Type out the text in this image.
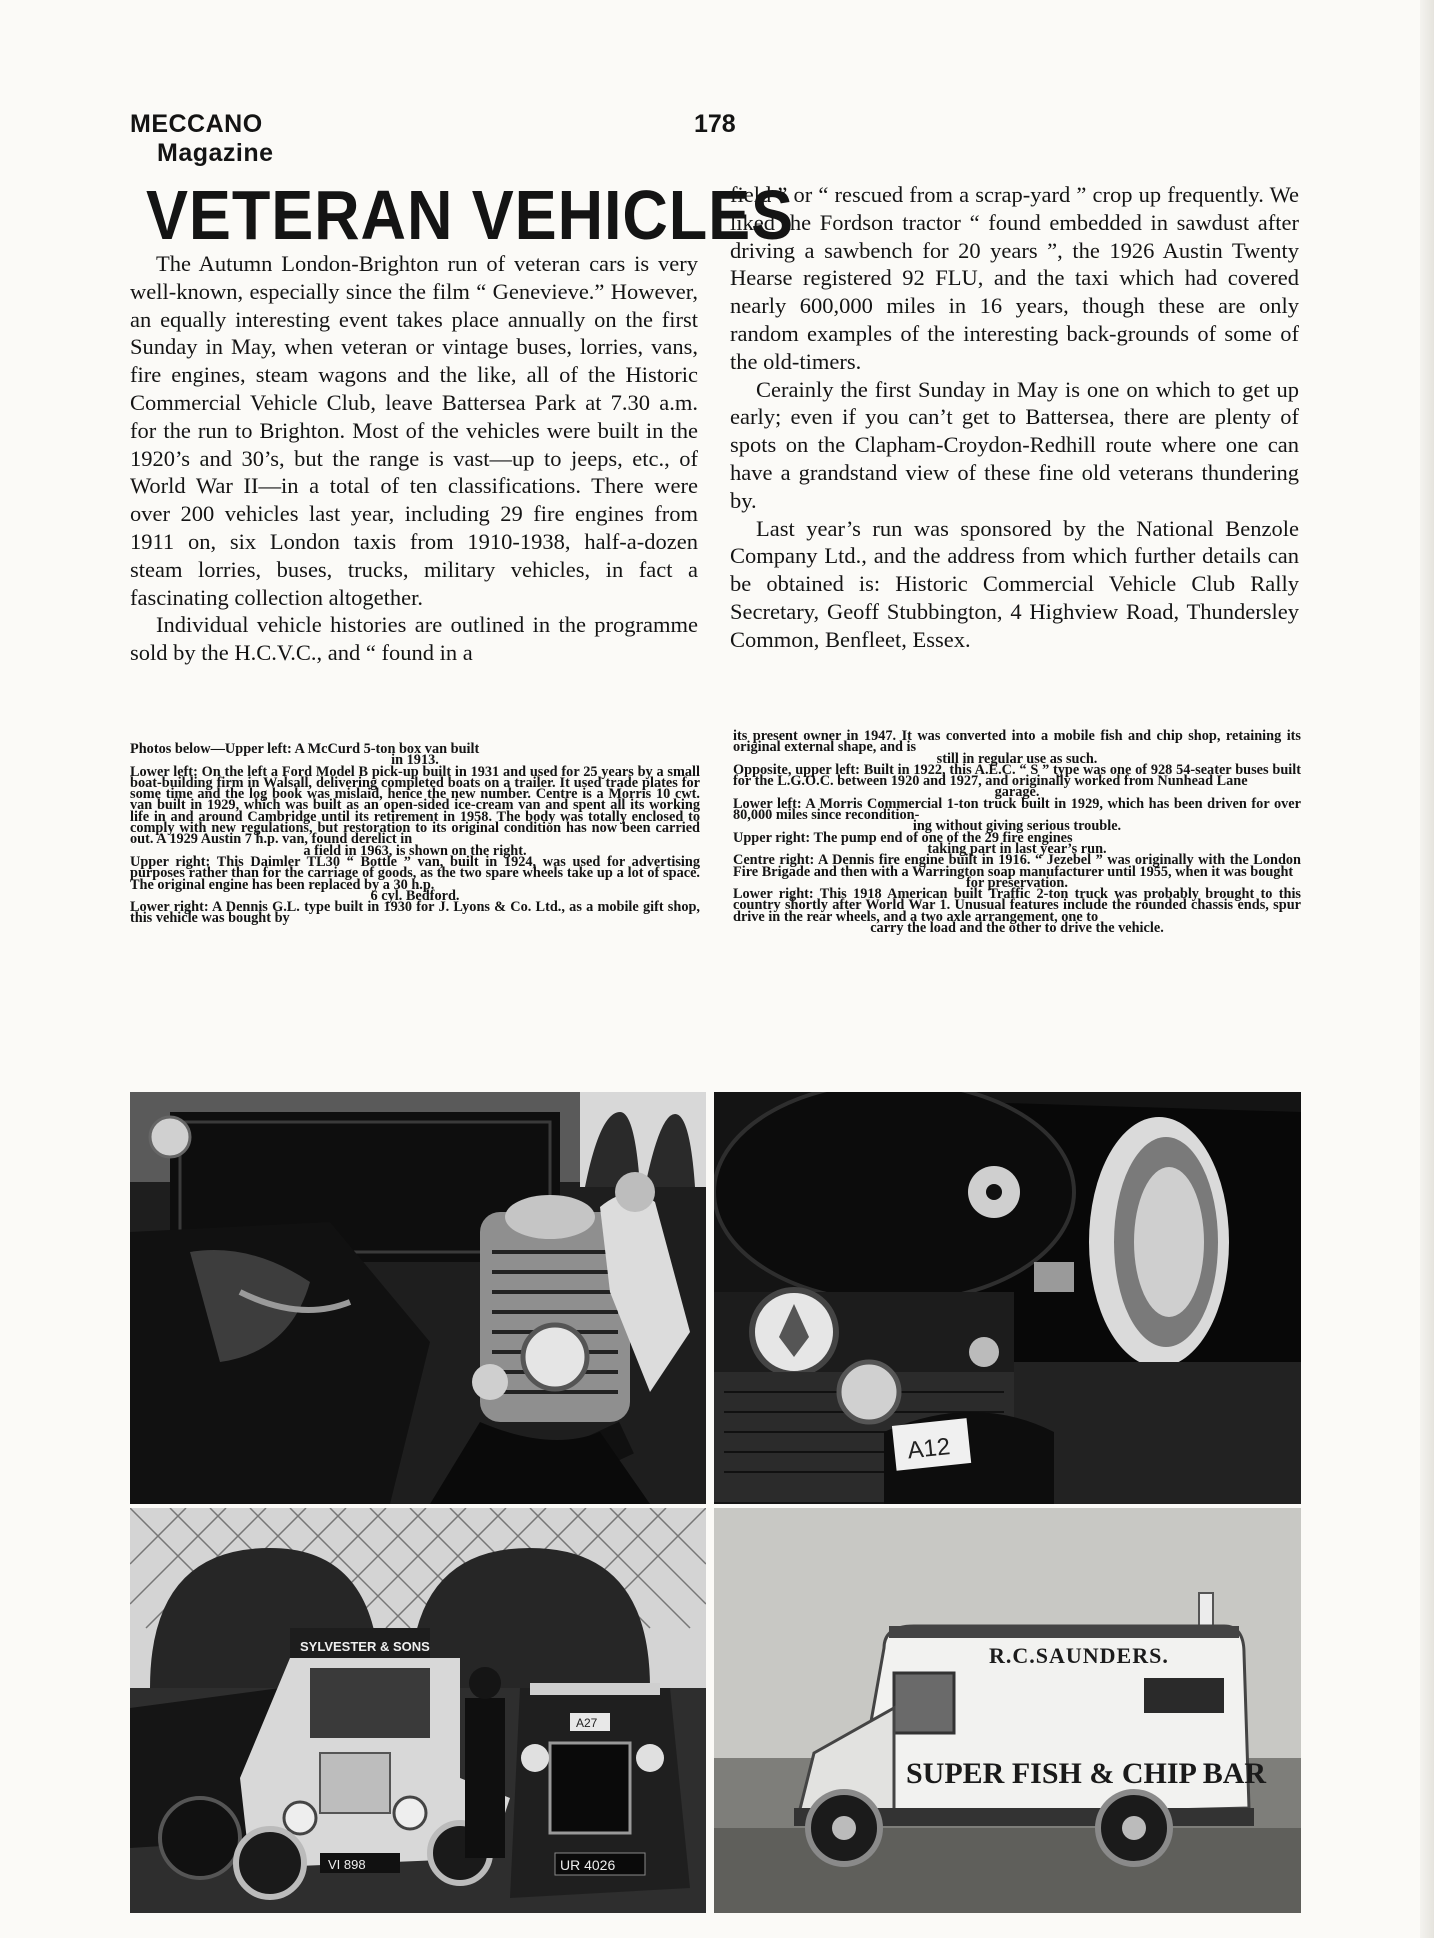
MECCANO
Magazine
178
VETERAN VEHICLES

The Autumn London-Brighton run of veteran cars is very well-known, especially since the film “ Genevieve.” However, an equally interesting event takes place annually on the first Sunday in May, when veteran or vintage buses, lorries, vans, fire engines, steam wagons and the like, all of the Historic Commercial Vehicle Club, leave Battersea Park at 7.30 a.m. for the run to Brighton. Most of the vehicles were built in the 1920’s and 30’s, but the range is vast—up to jeeps, etc., of World War II—in a total of ten classifications. There were over 200 vehicles last year, including 29 fire engines from 1911 on, six London taxis from 1910-1938, half-a-dozen steam lorries, buses, trucks, military vehicles, in fact a fascinating collection altogether.

Individual vehicle histories are outlined in the programme sold by the H.C.V.C., and “ found in a

field ” or “ rescued from a scrap-yard ” crop up frequently. We liked the Fordson tractor “ found embedded in sawdust after driving a sawbench for 20 years ”, the 1926 Austin Twenty Hearse registered 92 FLU, and the taxi which had covered nearly 600,000 miles in 16 years, though these are only random examples of the interesting back-grounds of some of the old-timers.

Cerainly the first Sunday in May is one on which to get up early; even if you can’t get to Battersea, there are plenty of spots on the Clapham-Croydon-Redhill route where one can have a grandstand view of these fine old veterans thundering by.

Last year’s run was sponsored by the National Benzole Company Ltd., and the address from which further details can be obtained is: Historic Commercial Vehicle Club Rally Secretary, Geoff Stubbington, 4 Highview Road, Thundersley Common, Benfleet, Essex.

Photos below—Upper left: A McCurd 5-ton box van built

in 1913.

Lower left: On the left a Ford Model B pick-up built in 1931 and used for 25 years by a small boat-building firm in Walsall, delivering completed boats on a trailer. It used trade plates for some time and the log book was mislaid, hence the new number. Centre is a Morris 10 cwt. van built in 1929, which was built as an open-sided ice-cream van and spent all its working life in and around Cambridge until its retirement in 1958. The body was totally enclosed to comply with new regulations, but restoration to its original condition has now been carried out. A 1929 Austin 7 h.p. van, found derelict in

a field in 1963, is shown on the right.

Upper right: This Daimler TL30 “ Bottle ” van, built in 1924, was used for advertising purposes rather than for the carriage of goods, as the two spare wheels take up a lot of space. The original engine has been replaced by a 30 h.p.

6 cyl. Bedford.

Lower right: A Dennis G.L. type built in 1930 for J. Lyons & Co. Ltd., as a mobile gift shop, this vehicle was bought by

its present owner in 1947. It was converted into a mobile fish and chip shop, retaining its original external shape, and is

still in regular use as such.

Opposite, upper left: Built in 1922, this A.E.C. “ S ” type was one of 928 54-seater buses built for the L.G.O.C. between 1920 and 1927, and originally worked from Nunhead Lane

garage.

Lower left: A Morris Commercial 1-ton truck built in 1929, which has been driven for over 80,000 miles since recondition-

ing without giving serious trouble.

Upper right: The pump end of one of the 29 fire engines

taking part in last year’s run.

Centre right: A Dennis fire engine built in 1916. “ Jezebel ” was originally with the London Fire Brigade and then with a Warrington soap manufacturer until 1955, when it was bought

for preservation.

Lower right: This 1918 American built Traffic 2-ton truck was probably brought to this country shortly after World War 1. Unusual features include the rounded chassis ends, spur drive in the rear wheels, and a two axle arrangement, one to

carry the load and the other to drive the vehicle.

A12
SYLVESTER & SONS
VI 898
A27
UR 4026
R.C.SAUNDERS.
SUPER FISH & CHIP BAR
